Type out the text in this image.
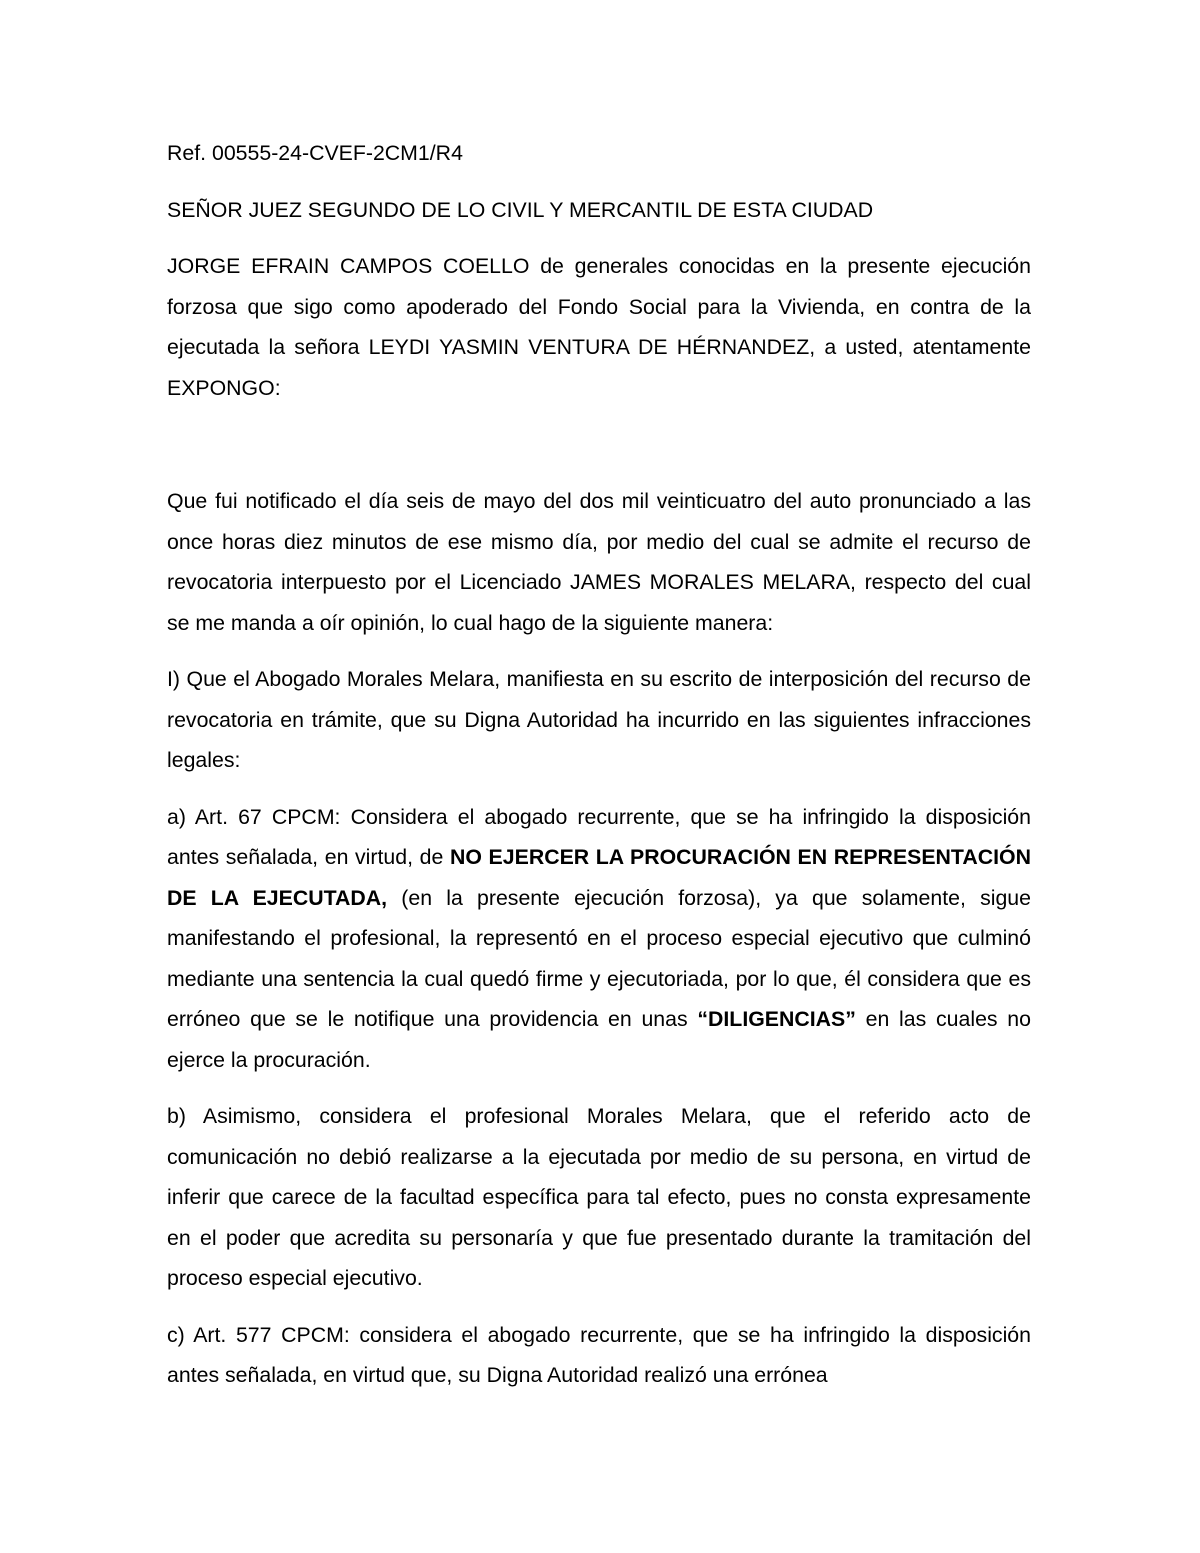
Ref. 00555-24-CVEF-2CM1/R4

SEÑOR JUEZ SEGUNDO DE LO CIVIL Y MERCANTIL DE ESTA CIUDAD

JORGE EFRAIN CAMPOS COELLO de generales conocidas en la presente ejecución forzosa que sigo como apoderado del Fondo Social para la Vivienda, en contra de la ejecutada la señora LEYDI YASMIN VENTURA DE HÉRNANDEZ, a usted, atentamente EXPONGO:

Que fui notificado el día seis de mayo del dos mil veinticuatro del auto pronunciado a las once horas diez minutos de ese mismo día, por medio del cual se admite el recurso de revocatoria interpuesto por el Licenciado JAMES MORALES MELARA, respecto del cual se me manda a oír opinión, lo cual hago de la siguiente manera:

I) Que el Abogado Morales Melara, manifiesta en su escrito de interposición del recurso de revocatoria en trámite, que su Digna Autoridad ha incurrido en las siguientes infracciones legales:

a) Art. 67 CPCM: Considera el abogado recurrente, que se ha infringido la disposición antes señalada, en virtud, de NO EJERCER LA PROCURACIÓN EN REPRESENTACIÓN DE LA EJECUTADA, (en la presente ejecución forzosa), ya que solamente, sigue manifestando el profesional, la representó en el proceso especial ejecutivo que culminó mediante una sentencia la cual quedó firme y ejecutoriada, por lo que, él considera que es erróneo que se le notifique una providencia en unas “DILIGENCIAS” en las cuales no ejerce la procuración.

b) Asimismo, considera el profesional Morales Melara, que el referido acto de comunicación no debió realizarse a la ejecutada por medio de su persona, en virtud de inferir que carece de la facultad específica para tal efecto, pues no consta expresamente en el poder que acredita su personaría y que fue presentado durante la tramitación del proceso especial ejecutivo.

c) Art. 577 CPCM: considera el abogado recurrente, que se ha infringido la disposición antes señalada, en virtud que, su Digna Autoridad realizó una errónea
